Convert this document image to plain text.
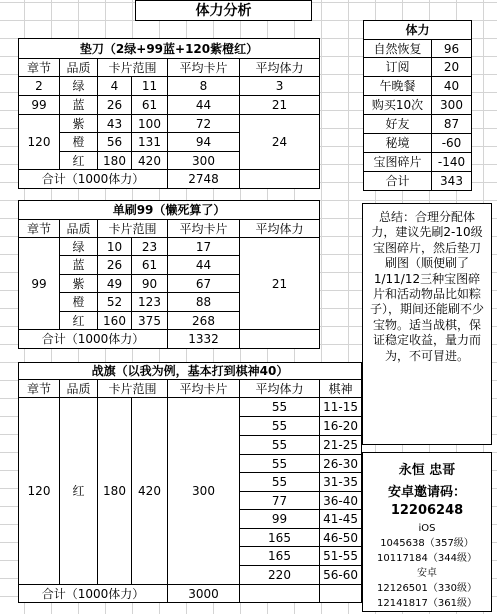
体力分析
体力	
自然恢复	96
订阅	20
午晚餐	40
购买10次	300
好友	87
秘境	-60
宝图碎片	-140
合计	343
垫刀（2绿+99蓝+120紫橙红）					
章节	品质	卡片范围		平均卡片	平均体力
2	绿	4	11	8	3
99	蓝	26	61	44	21
120	紫	43	100	72	24
	橙	56	131	94	
	红	180	420	300	
合计（1000体力）				2748	
单刷99（懒死算了）					
章节	品质	卡片范围		平均卡片	平均体力
99	绿	10	23	17	21
	蓝	26	61	44	
	紫	49	90	67	
	橙	52	123	88	
	红	160	375	268	
合计（1000体力）				1332	
战旗（以我为例，基本打到棋神40）						
章节	品质	卡片范围		平均卡片	平均体力	棋神
120	红	180	420	300	55	11-15
					55	16-20
					55	21-25
					55	26-30
					55	31-35
					77	36-40
					99	41-45
					165	46-50
					165	51-55
					220	56-60
合计（1000体力）				3000		

总结：合理分配体力，建议先刷2-10级宝图碎片，然后垫刀刷图（顺便刷了1/11/12三种宝图碎片和活动物品比如粽子），期间还能刷不少宝物。适当战棋，保证稳定收益，量力而为，不可冒进。

永恒 忠哥
安卓邀请码：
12206248
iOS
1045638（357级）
10117184（344级）
安卓
12126501（330级）
12141817（361级）
